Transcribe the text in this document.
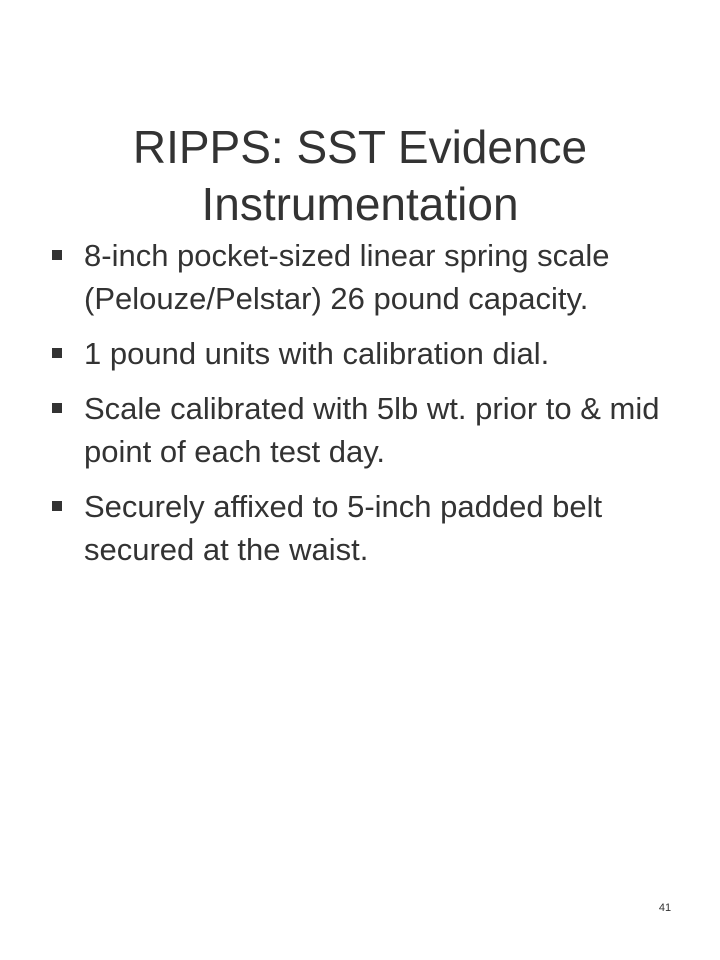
RIPPS: SST Evidence
Instrumentation
8-inch pocket-sized linear spring scale (Pelouze/Pelstar) 26 pound capacity.
1 pound units with calibration dial.
Scale calibrated with 5lb wt. prior to & mid point of each test day.
Securely affixed to 5-inch padded belt secured at the waist.
41
